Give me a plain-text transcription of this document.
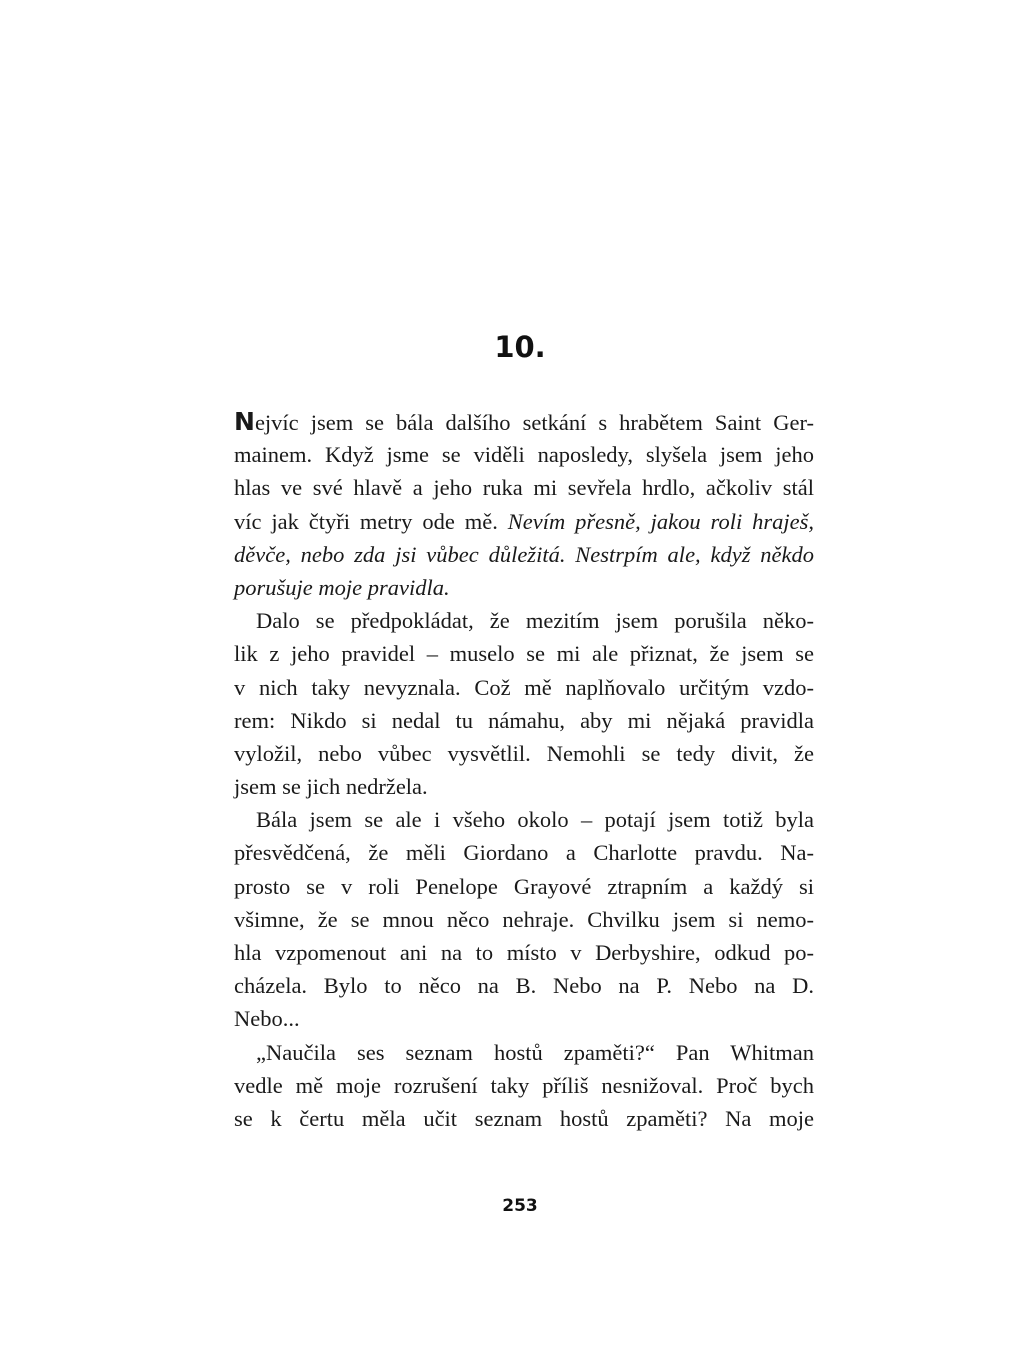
10.
Nejvíc jsem se bála dalšího setkání s hrabětem Saint Ger-
mainem. Když jsme se viděli naposledy, slyšela jsem jeho
hlas ve své hlavě a jeho ruka mi sevřela hrdlo, ačkoliv stál
víc jak čtyři metry ode mě. Nevím přesně, jakou roli hraješ,
děvče, nebo zda jsi vůbec důležitá. Nestrpím ale, když někdo
porušuje moje pravidla.
Dalo se předpokládat, že mezitím jsem porušila něko-
lik z jeho pravidel – muselo se mi ale přiznat, že jsem se
v nich taky nevyznala. Což mě naplňovalo určitým vzdo-
rem: Nikdo si nedal tu námahu, aby mi nějaká pravidla
vyložil, nebo vůbec vysvětlil. Nemohli se tedy divit, že
jsem se jich nedržela.
Bála jsem se ale i všeho okolo – potají jsem totiž byla
přesvědčená, že měli Giordano a Charlotte pravdu. Na-
prosto se v roli Penelope Grayové ztrapním a každý si
všimne, že se mnou něco nehraje. Chvilku jsem si nemo-
hla vzpomenout ani na to místo v Derbyshire, odkud po-
cházela. Bylo to něco na B. Nebo na P. Nebo na D.
Nebo...
„Naučila ses seznam hostů zpaměti?“ Pan Whitman
vedle mě moje rozrušení taky příliš nesnižoval. Proč bych
se k čertu měla učit seznam hostů zpaměti? Na moje
253
